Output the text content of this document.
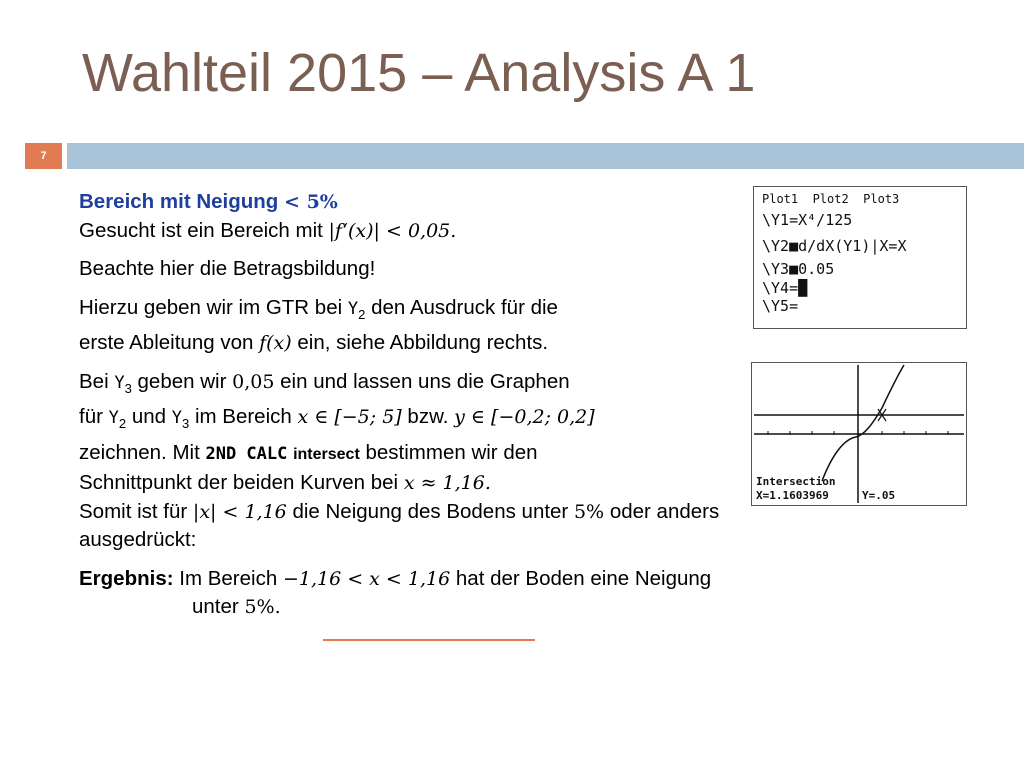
Wahlteil 2015 – Analysis A 1
7

Bereich mit Neigung < 5%

Gesucht ist ein Bereich mit |f‘(x)| < 0,05.

Beachte hier die Betragsbildung!

Hierzu geben wir im GTR bei $Y_2$ den Ausdruck für die

erste Ableitung von f(x) ein, siehe Abbildung rechts.

Bei $Y_3$ geben wir 0,05 ein und lassen uns die Graphen

für $Y_2$ und $Y_3$ im Bereich x ∈ [−5; 5] bzw. y ∈ [−0,2; 0,2]

zeichnen. Mit 2ND CALC intersect bestimmen wir den

Schnittpunkt der beiden Kurven bei x ≈ 1,16.

Somit ist für |x| < 1,16 die Neigung des Bodens unter 5% oder anders

ausgedrückt:

Ergebnis: Im Bereich −1,16 < x < 1,16 hat der Boden eine Neigung

unter 5%.

Plot1  Plot2  Plot3
\Y1=X⁴/125
\Y2■d/dX(Y1)|X=X
\Y3■0.05
\Y4=█
\Y5=
Intersection
X=1.1603969	Y=.05
